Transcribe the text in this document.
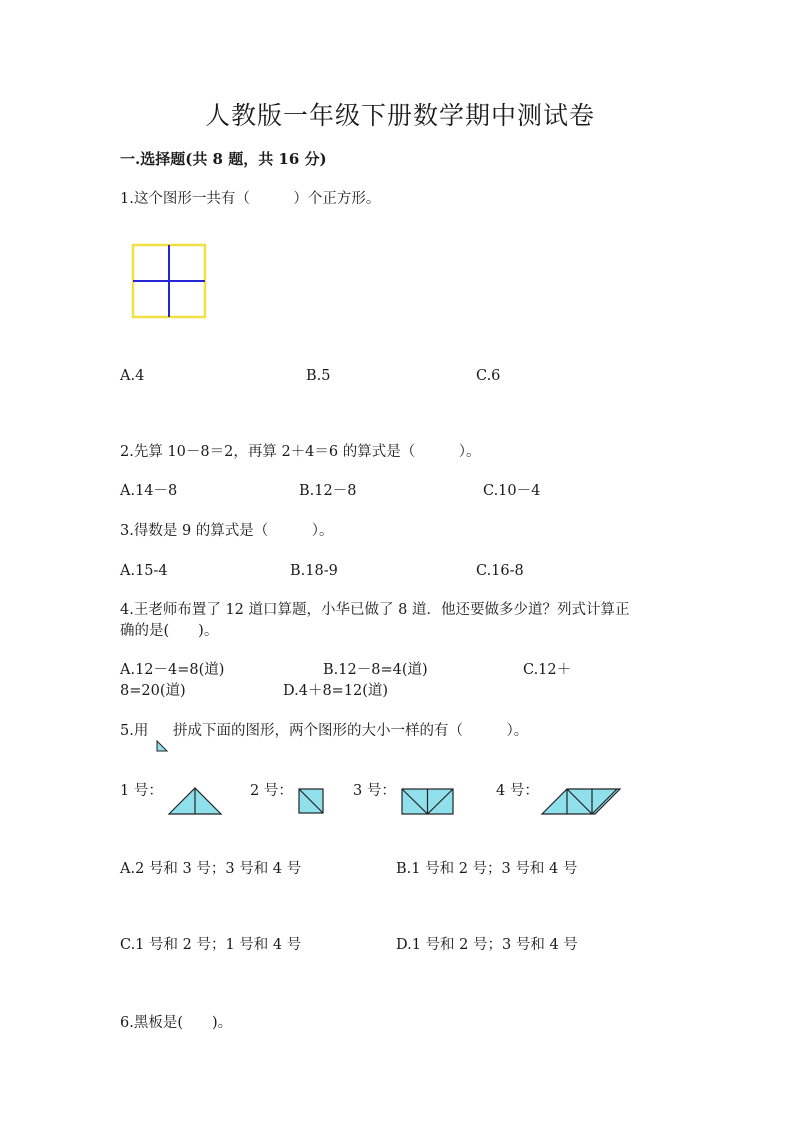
人教版一年级下册数学期中测试卷
一.选择题(共 8 题，共 16 分)
1.这个图形一共有（　　　）个正方形。
A.4	B.5	C.6
2.先算 10－8＝2，再算 2＋4＝6 的算式是（　　　）。
A.14－8	B.12－8	C.10－4
3.得数是 9 的算式是（　　　）。
A.15-4	B.18-9	C.16-8
4.王老师布置了 12 道口算题，小华已做了 8 道．他还要做多少道？列式计算正
确的是(　　)。
A.12－4=8(道)	B.12－8=4(道)	C.12＋
8=20(道)	D.4＋8=12(道)
5.用 拼成下面的图形，两个图形的大小一样的有（　　　）。
1 号：	2 号：	3 号：	4 号：
A.2 号和 3 号；3 号和 4 号	B.1 号和 2 号；3 号和 4 号
C.1 号和 2 号；1 号和 4 号	D.1 号和 2 号；3 号和 4 号
6.黑板是(　　)。
